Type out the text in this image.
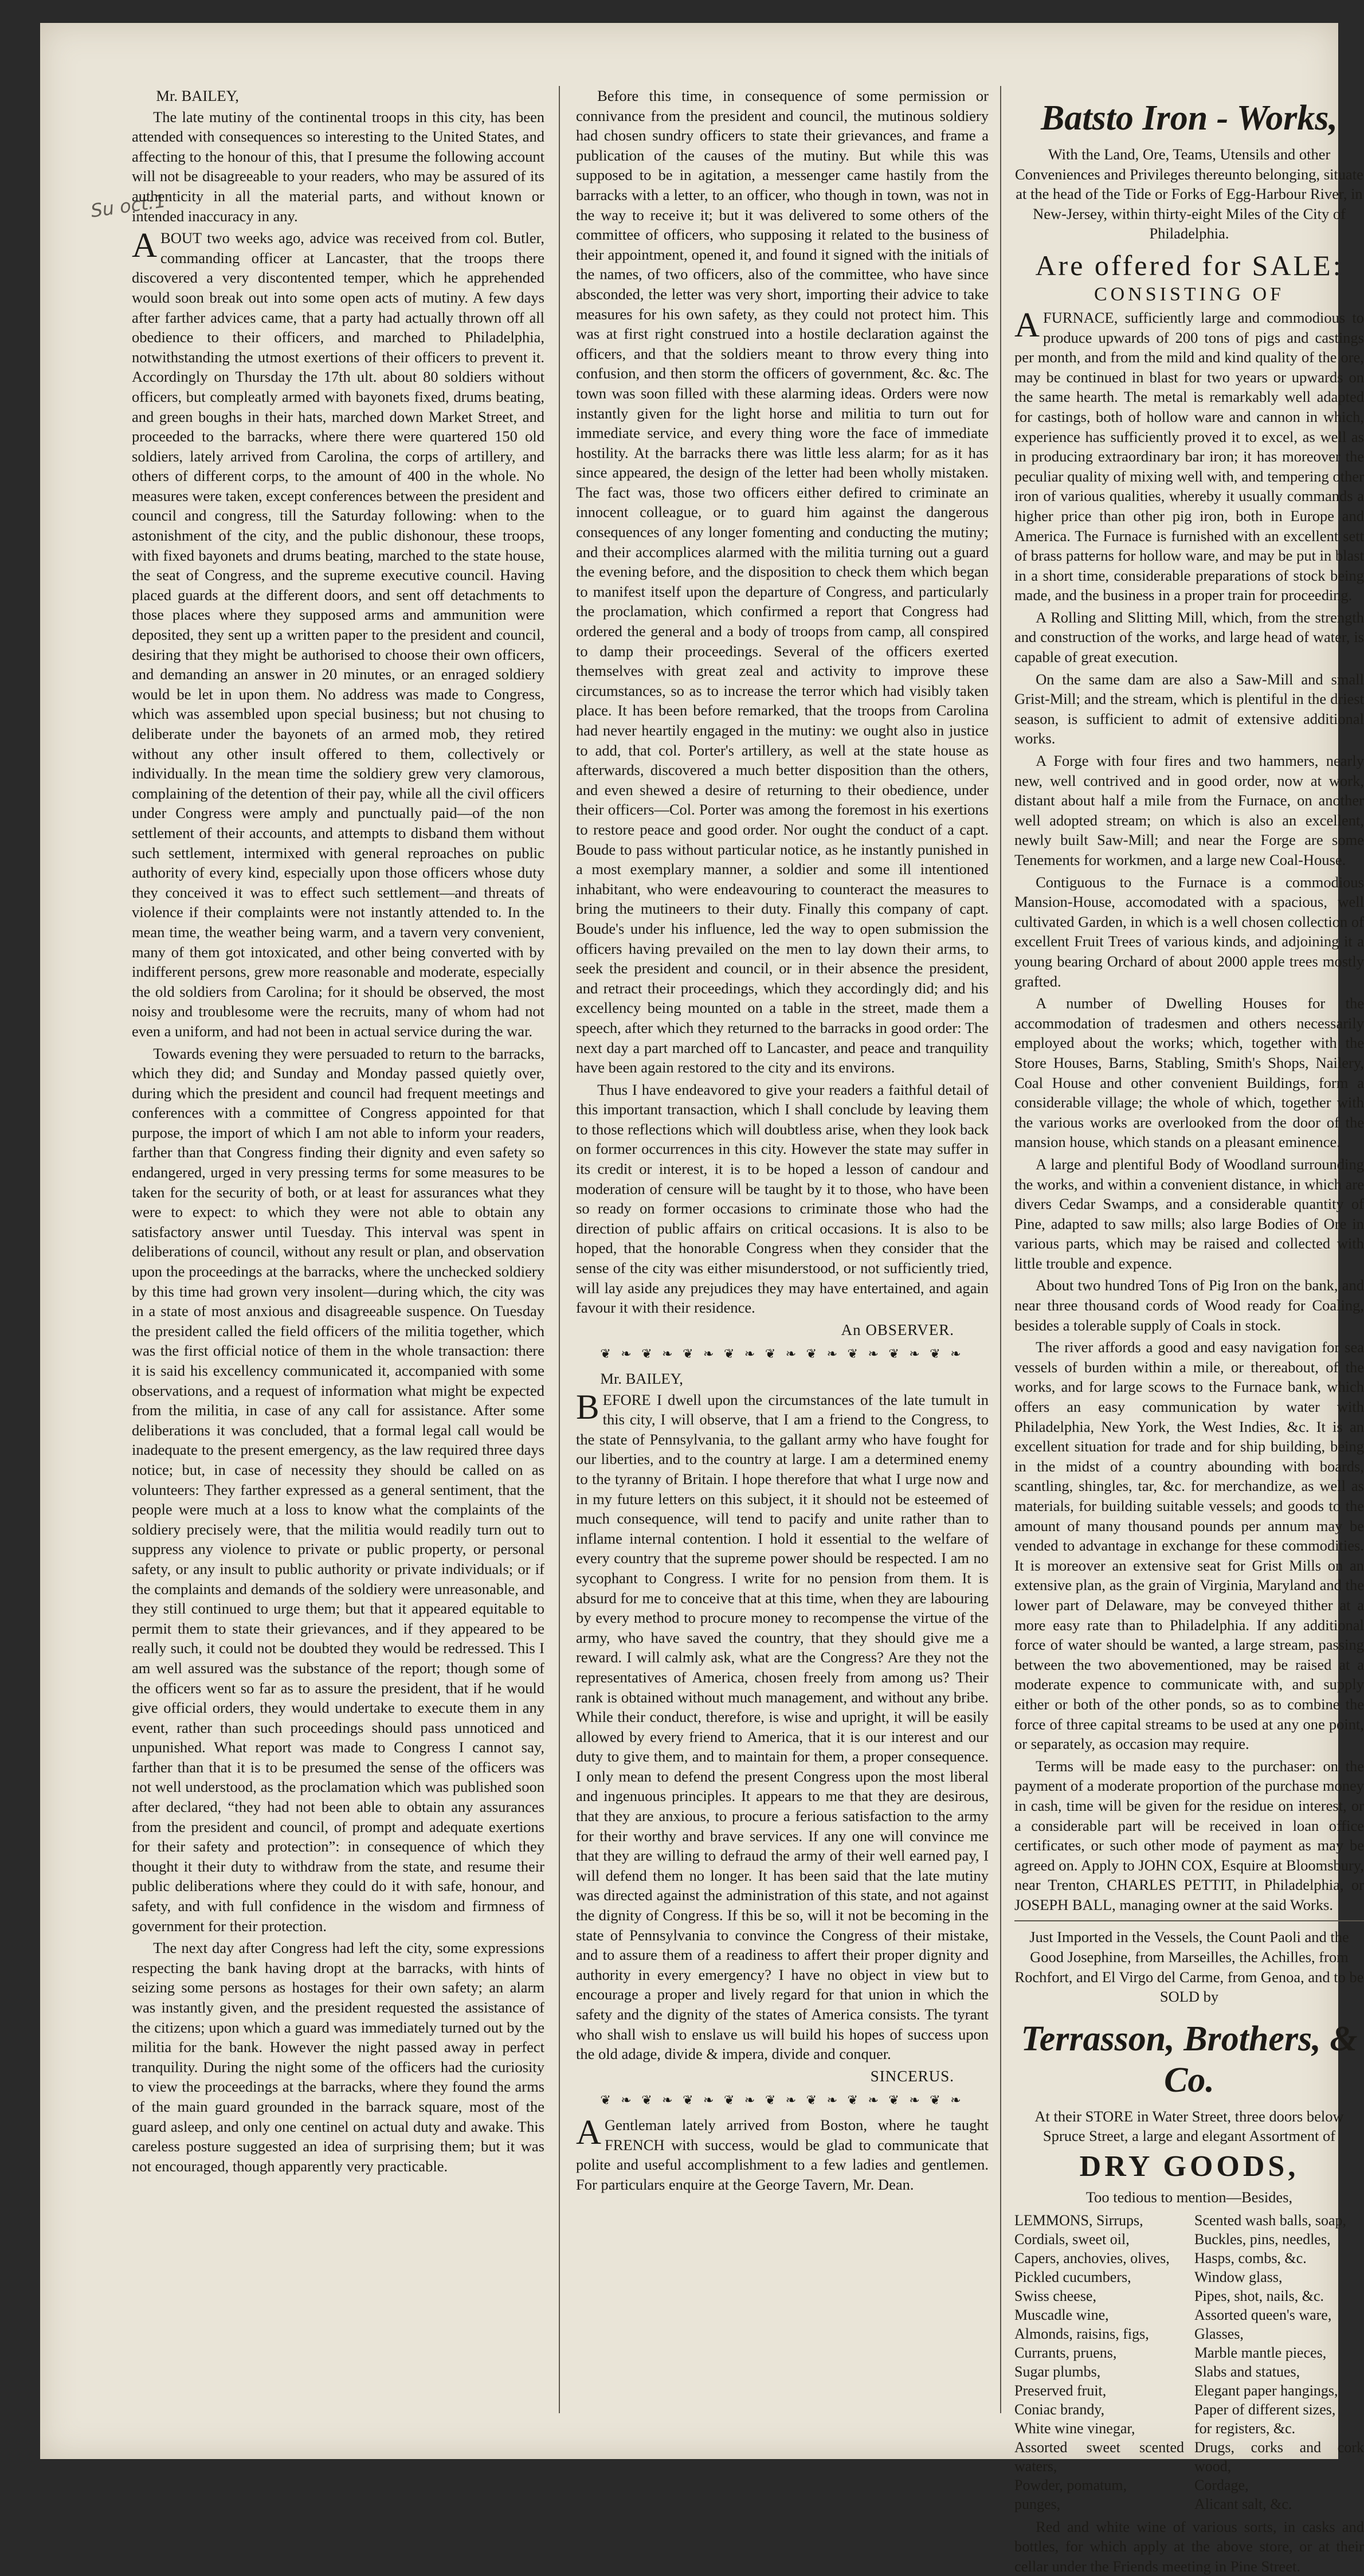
Su oct:1

Mr. BAILEY,

The late mutiny of the continental troops in this city, has been attended with consequences so interesting to the United States, and affecting to the honour of this, that I presume the following account will not be disagreeable to your readers, who may be assured of its authenticity in all the material parts, and without known or intended inaccuracy in any.

ABOUT two weeks ago, advice was received from col. Butler, commanding officer at Lancaster, that the troops there discovered a very discontented temper, which he apprehended would soon break out into some open acts of mutiny. A few days after farther advices came, that a party had actually thrown off all obedience to their officers, and marched to Philadelphia, notwithstanding the utmost exertions of their officers to prevent it. Accordingly on Thursday the 17th ult. about 80 soldiers without officers, but compleatly armed with bayonets fixed, drums beating, and green boughs in their hats, marched down Market Street, and proceeded to the barracks, where there were quartered 150 old soldiers, lately arrived from Carolina, the corps of artillery, and others of different corps, to the amount of 400 in the whole. No measures were taken, except conferences between the president and council and congress, till the Saturday following: when to the astonishment of the city, and the public dishonour, these troops, with fixed bayonets and drums beating, marched to the state house, the seat of Congress, and the supreme executive council. Having placed guards at the different doors, and sent off detachments to those places where they supposed arms and ammunition were deposited, they sent up a written paper to the president and council, desiring that they might be authorised to choose their own officers, and demanding an answer in 20 minutes, or an enraged soldiery would be let in upon them. No address was made to Congress, which was assembled upon special business; but not chusing to deliberate under the bayonets of an armed mob, they retired without any other insult offered to them, collectively or individually. In the mean time the soldiery grew very clamorous, complaining of the detention of their pay, while all the civil officers under Congress were amply and punctually paid—of the non settlement of their accounts, and attempts to disband them without such settlement, intermixed with general reproaches on public authority of every kind, especially upon those officers whose duty they conceived it was to effect such settlement—and threats of violence if their complaints were not instantly attended to. In the mean time, the weather being warm, and a tavern very convenient, many of them got intoxicated, and other being converted with by indifferent persons, grew more reasonable and moderate, especially the old soldiers from Carolina; for it should be observed, the most noisy and troublesome were the recruits, many of whom had not even a uniform, and had not been in actual service during the war.

Towards evening they were persuaded to return to the barracks, which they did; and Sunday and Monday passed quietly over, during which the president and council had frequent meetings and conferences with a committee of Congress appointed for that purpose, the import of which I am not able to inform your readers, farther than that Congress finding their dignity and even safety so endangered, urged in very pressing terms for some measures to be taken for the security of both, or at least for assurances what they were to expect: to which they were not able to obtain any satisfactory answer until Tuesday. This interval was spent in deliberations of council, without any result or plan, and observation upon the proceedings at the barracks, where the unchecked soldiery by this time had grown very insolent—during which, the city was in a state of most anxious and disagreeable suspence. On Tuesday the president called the field officers of the militia together, which was the first official notice of them in the whole transaction: there it is said his excellency communicated it, accompanied with some observations, and a request of information what might be expected from the militia, in case of any call for assistance. After some deliberations it was concluded, that a formal legal call would be inadequate to the present emergency, as the law required three days notice; but, in case of necessity they should be called on as volunteers: They farther expressed as a general sentiment, that the people were much at a loss to know what the complaints of the soldiery precisely were, that the militia would readily turn out to suppress any violence to private or public property, or personal safety, or any insult to public authority or private individuals; or if the complaints and demands of the soldiery were unreasonable, and they still continued to urge them; but that it appeared equitable to permit them to state their grievances, and if they appeared to be really such, it could not be doubted they would be redressed. This I am well assured was the substance of the report; though some of the officers went so far as to assure the president, that if he would give official orders, they would undertake to execute them in any event, rather than such proceedings should pass unnoticed and unpunished. What report was made to Congress I cannot say, farther than that it is to be presumed the sense of the officers was not well understood, as the proclamation which was published soon after declared, “they had not been able to obtain any assurances from the president and council, of prompt and adequate exertions for their safety and protection”: in consequence of which they thought it their duty to withdraw from the state, and resume their public deliberations where they could do it with safe, honour, and safety, and with full confidence in the wisdom and firmness of government for their protection.

The next day after Congress had left the city, some expressions respecting the bank having dropt at the barracks, with hints of seizing some persons as hostages for their own safety; an alarm was instantly given, and the president requested the assistance of the citizens; upon which a guard was immediately turned out by the militia for the bank. However the night passed away in perfect tranquility. During the night some of the officers had the curiosity to view the proceedings at the barracks, where they found the arms of the main guard grounded in the barrack square, most of the guard asleep, and only one centinel on actual duty and awake. This careless posture suggested an idea of surprising them; but it was not encouraged, though apparently very practicable.

Before this time, in consequence of some permission or connivance from the president and council, the mutinous soldiery had chosen sundry officers to state their grievances, and frame a publication of the causes of the mutiny. But while this was supposed to be in agitation, a messenger came hastily from the barracks with a letter, to an officer, who though in town, was not in the way to receive it; but it was delivered to some others of the committee of officers, who supposing it related to the business of their appointment, opened it, and found it signed with the initials of the names, of two officers, also of the committee, who have since absconded, the letter was very short, importing their advice to take measures for his own safety, as they could not protect him. This was at first right construed into a hostile declaration against the officers, and that the soldiers meant to throw every thing into confusion, and then storm the officers of government, &c. &c. The town was soon filled with these alarming ideas. Orders were now instantly given for the light horse and militia to turn out for immediate service, and every thing wore the face of immediate hostility. At the barracks there was little less alarm; for as it has since appeared, the design of the letter had been wholly mistaken. The fact was, those two officers either defired to criminate an innocent colleague, or to guard him against the dangerous consequences of any longer fomenting and conducting the mutiny; and their accomplices alarmed with the militia turning out a guard the evening before, and the disposition to check them which began to manifest itself upon the departure of Congress, and particularly the proclamation, which confirmed a report that Congress had ordered the general and a body of troops from camp, all conspired to damp their proceedings. Several of the officers exerted themselves with great zeal and activity to improve these circumstances, so as to increase the terror which had visibly taken place. It has been before remarked, that the troops from Carolina had never heartily engaged in the mutiny: we ought also in justice to add, that col. Porter's artillery, as well at the state house as afterwards, discovered a much better disposition than the others, and even shewed a desire of returning to their obedience, under their officers—Col. Porter was among the foremost in his exertions to restore peace and good order. Nor ought the conduct of a capt. Boude to pass without particular notice, as he instantly punished in a most exemplary manner, a soldier and some ill intentioned inhabitant, who were endeavouring to counteract the measures to bring the mutineers to their duty. Finally this company of capt. Boude's under his influence, led the way to open submission the officers having prevailed on the men to lay down their arms, to seek the president and council, or in their absence the president, and retract their proceedings, which they accordingly did; and his excellency being mounted on a table in the street, made them a speech, after which they returned to the barracks in good order: The next day a part marched off to Lancaster, and peace and tranquility have been again restored to the city and its environs.

Thus I have endeavored to give your readers a faithful detail of this important transaction, which I shall conclude by leaving them to those reflections which will doubtless arise, when they look back on former occurrences in this city. However the state may suffer in its credit or interest, it is to be hoped a lesson of candour and moderation of censure will be taught by it to those, who have been so ready on former occasions to criminate those who had the direction of public affairs on critical occasions. It is also to be hoped, that the honorable Congress when they consider that the sense of the city was either misunderstood, or not sufficiently tried, will lay aside any prejudices they may have entertained, and again favour it with their residence.

An OBSERVER.
❦ ❧ ❦ ❧ ❦ ❧ ❦ ❧ ❦ ❧ ❦ ❧ ❦ ❧ ❦ ❧ ❦ ❧

Mr. BAILEY,

BEFORE I dwell upon the circumstances of the late tumult in this city, I will observe, that I am a friend to the Congress, to the state of Pennsylvania, to the gallant army who have fought for our liberties, and to the country at large. I am a determined enemy to the tyranny of Britain. I hope therefore that what I urge now and in my future letters on this subject, it it should not be esteemed of much consequence, will tend to pacify and unite rather than to inflame internal contention. I hold it essential to the welfare of every country that the supreme power should be respected. I am no sycophant to Congress. I write for no pension from them. It is absurd for me to conceive that at this time, when they are labouring by every method to procure money to recompense the virtue of the army, who have saved the country, that they should give me a reward. I will calmly ask, what are the Congress? Are they not the representatives of America, chosen freely from among us? Their rank is obtained without much management, and without any bribe. While their conduct, therefore, is wise and upright, it will be easily allowed by every friend to America, that it is our interest and our duty to give them, and to maintain for them, a proper consequence. I only mean to defend the present Congress upon the most liberal and ingenuous principles. It appears to me that they are desirous, that they are anxious, to procure a ferious satisfaction to the army for their worthy and brave services. If any one will convince me that they are willing to defraud the army of their well earned pay, I will defend them no longer. It has been said that the late mutiny was directed against the administration of this state, and not against the dignity of Congress. If this be so, will it not be becoming in the state of Pennsylvania to convince the Congress of their mistake, and to assure them of a readiness to affert their proper dignity and authority in every emergency? I have no object in view but to encourage a proper and lively regard for that union in which the safety and the dignity of the states of America consists. The tyrant who shall wish to enslave us will build his hopes of success upon the old adage, divide & impera, divide and conquer.

SINCERUS.
❦ ❧ ❦ ❧ ❦ ❧ ❦ ❧ ❦ ❧ ❦ ❧ ❦ ❧ ❦ ❧ ❦ ❧

AGentleman lately arrived from Boston, where he taught FRENCH with success, would be glad to communicate that polite and useful accomplishment to a few ladies and gentlemen. For particulars enquire at the George Tavern, Mr. Dean.

Batsto Iron - Works,

With the Land, Ore, Teams, Utensils and other Conveniences and Privileges thereunto belonging, situate at the head of the Tide or Forks of Egg-Harbour River, in New-Jersey, within thirty-eight Miles of the City of Philadelphia.

Are offered for SALE:
CONSISTING OF

AFURNACE, sufficiently large and commodious to produce upwards of 200 tons of pigs and castings per month, and from the mild and kind quality of the ore, may be continued in blast for two years or upwards on the same hearth. The metal is remarkably well adapted for castings, both of hollow ware and cannon in which, experience has sufficiently proved it to excel, as well as in producing extraordinary bar iron; it has moreover the peculiar quality of mixing well with, and tempering other iron of various qualities, whereby it usually commands a higher price than other pig iron, both in Europe and America. The Furnace is furnished with an excellent sett of brass patterns for hollow ware, and may be put in blast in a short time, considerable preparations of stock being made, and the business in a proper train for proceeding.

A Rolling and Slitting Mill, which, from the strength and construction of the works, and large head of water, is capable of great execution.

On the same dam are also a Saw-Mill and small Grist-Mill; and the stream, which is plentiful in the driest season, is sufficient to admit of extensive additional works.

A Forge with four fires and two hammers, nearly new, well contrived and in good order, now at work, distant about half a mile from the Furnace, on another well adopted stream; on which is also an excellent, newly built Saw-Mill; and near the Forge are some Tenements for workmen, and a large new Coal-House.

Contiguous to the Furnace is a commodious Mansion-House, accomodated with a spacious, well cultivated Garden, in which is a well chosen collection of excellent Fruit Trees of various kinds, and adjoining it a young bearing Orchard of about 2000 apple trees mostly grafted.

A number of Dwelling Houses for the accommodation of tradesmen and others necessarily employed about the works; which, together with the Store Houses, Barns, Stabling, Smith's Shops, Nailery, Coal House and other convenient Buildings, form a considerable village; the whole of which, together with the various works are overlooked from the door of the mansion house, which stands on a pleasant eminence.

A large and plentiful Body of Woodland surrounding the works, and within a convenient distance, in which are divers Cedar Swamps, and a considerable quantity of Pine, adapted to saw mills; also large Bodies of Ore in various parts, which may be raised and collected with little trouble and expence.

About two hundred Tons of Pig Iron on the bank, and near three thousand cords of Wood ready for Coaling, besides a tolerable supply of Coals in stock.

The river affords a good and easy navigation for sea vessels of burden within a mile, or thereabout, of the works, and for large scows to the Furnace bank, which offers an easy communication by water with Philadelphia, New York, the West Indies, &c. It is an excellent situation for trade and for ship building, being in the midst of a country abounding with boards, scantling, shingles, tar, &c. for merchandize, as well as materials, for building suitable vessels; and goods to the amount of many thousand pounds per annum may be vended to advantage in exchange for these commodities. It is moreover an extensive seat for Grist Mills on an extensive plan, as the grain of Virginia, Maryland and the lower part of Delaware, may be conveyed thither at a more easy rate than to Philadelphia. If any additional force of water should be wanted, a large stream, passing between the two abovementioned, may be raised at a moderate expence to communicate with, and supply either or both of the other ponds, so as to combine the force of three capital streams to be used at any one point, or separately, as occasion may require.

Terms will be made easy to the purchaser: on the payment of a moderate proportion of the purchase money in cash, time will be given for the residue on interest, or a considerable part will be received in loan office certificates, or such other mode of payment as may be agreed on. Apply to JOHN COX, Esquire at Bloomsbury, near Trenton, CHARLES PETTIT, in Philadelphia, or JOSEPH BALL, managing owner at the said Works.

Just Imported in the Vessels, the Count Paoli and the Good Josephine, from Marseilles, the Achilles, from Rochfort, and El Virgo del Carme, from Genoa, and to be SOLD by

Terrasson, Brothers, & Co.

At their STORE in Water Street, three doors below Spruce Street, a large and elegant Assortment of

DRY GOODS,

Too tedious to mention—Besides,

LEMMONS, Sirrups,
Cordials, sweet oil,
Capers, anchovies, olives,
Pickled cucumbers,
Swiss cheese,
Muscadle wine,
Almonds, raisins, figs,
Currants, pruens,
Sugar plumbs,
Preserved fruit,
Coniac brandy,
White wine vinegar,
Assorted sweet scented waters,
Powder, pomatum,
punges,
Scented wash balls, soap,
Buckles, pins, needles,
Hasps, combs, &c.
Window glass,
Pipes, shot, nails, &c.
Assorted queen's ware,
Glasses,
Marble mantle pieces,
Slabs and statues,
Elegant paper hangings,
Paper of different sizes,
for registers, &c.
Drugs, corks and cork wood,
Cordage,
Alicant salt, &c.

Red and white wine of various sorts, in casks and bottles, for which apply at the above store, or at their cellar under the Friends meeting in Pine Street.
